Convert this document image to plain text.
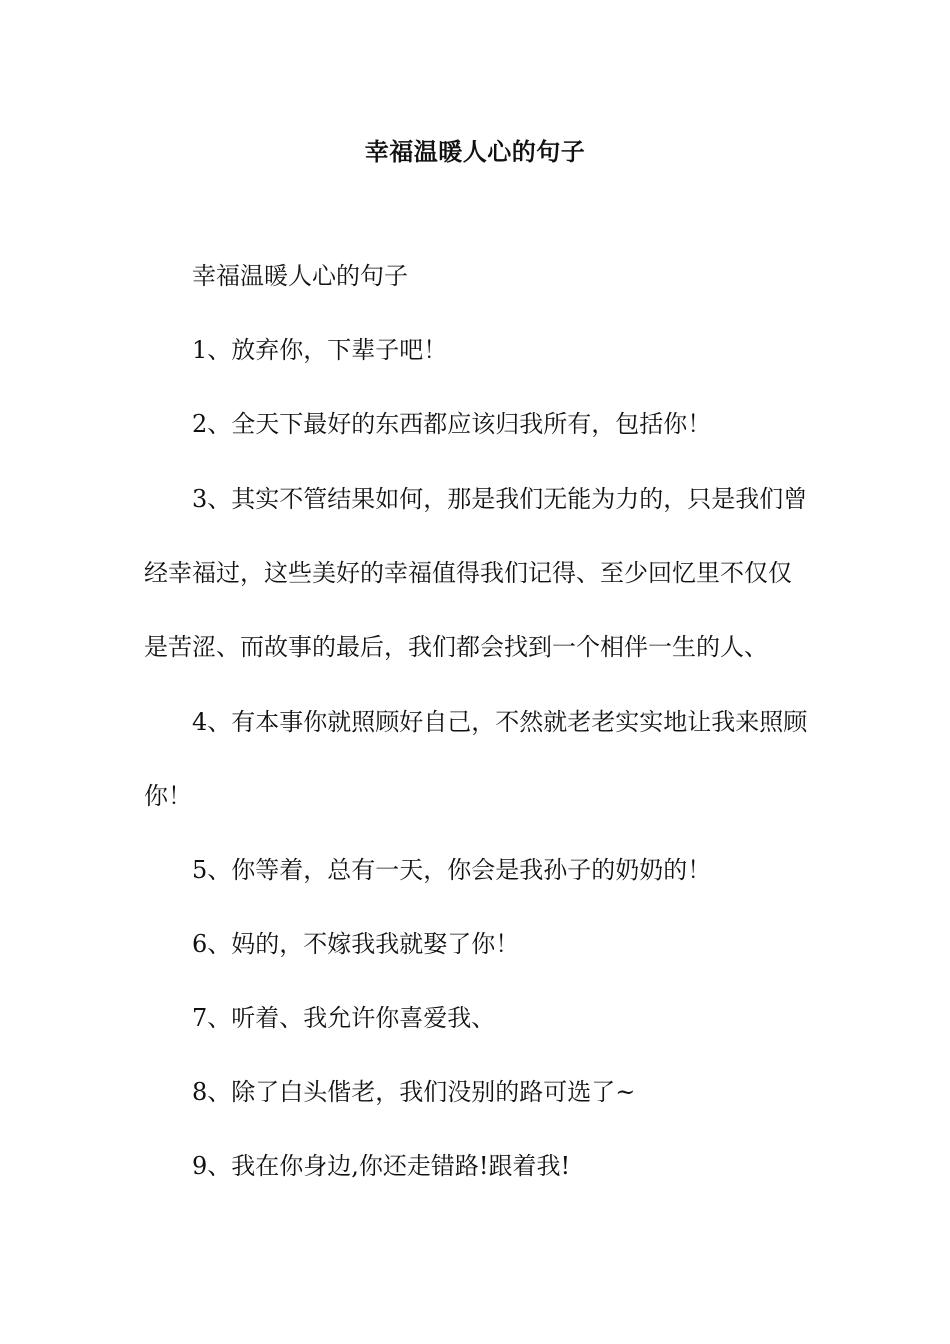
幸福温暖人心的句子

幸福温暖人心的句子

1、放弃你，下辈子吧！

2、全天下最好的东西都应该归我所有，包括你！

3、其实不管结果如何，那是我们无能为力的，只是我们曾经幸福过，这些美好的幸福值得我们记得、至少回忆里不仅仅是苦涩、而故事的最后，我们都会找到一个相伴一生的人、

4、有本事你就照顾好自己，不然就老老实实地让我来照顾你！

5、你等着，总有一天，你会是我孙子的奶奶的！

6、妈的，不嫁我我就娶了你！

7、听着、我允许你喜爱我、

8、除了白头偕老，我们没别的路可选了~

9、我在你身边,你还走错路!跟着我!
